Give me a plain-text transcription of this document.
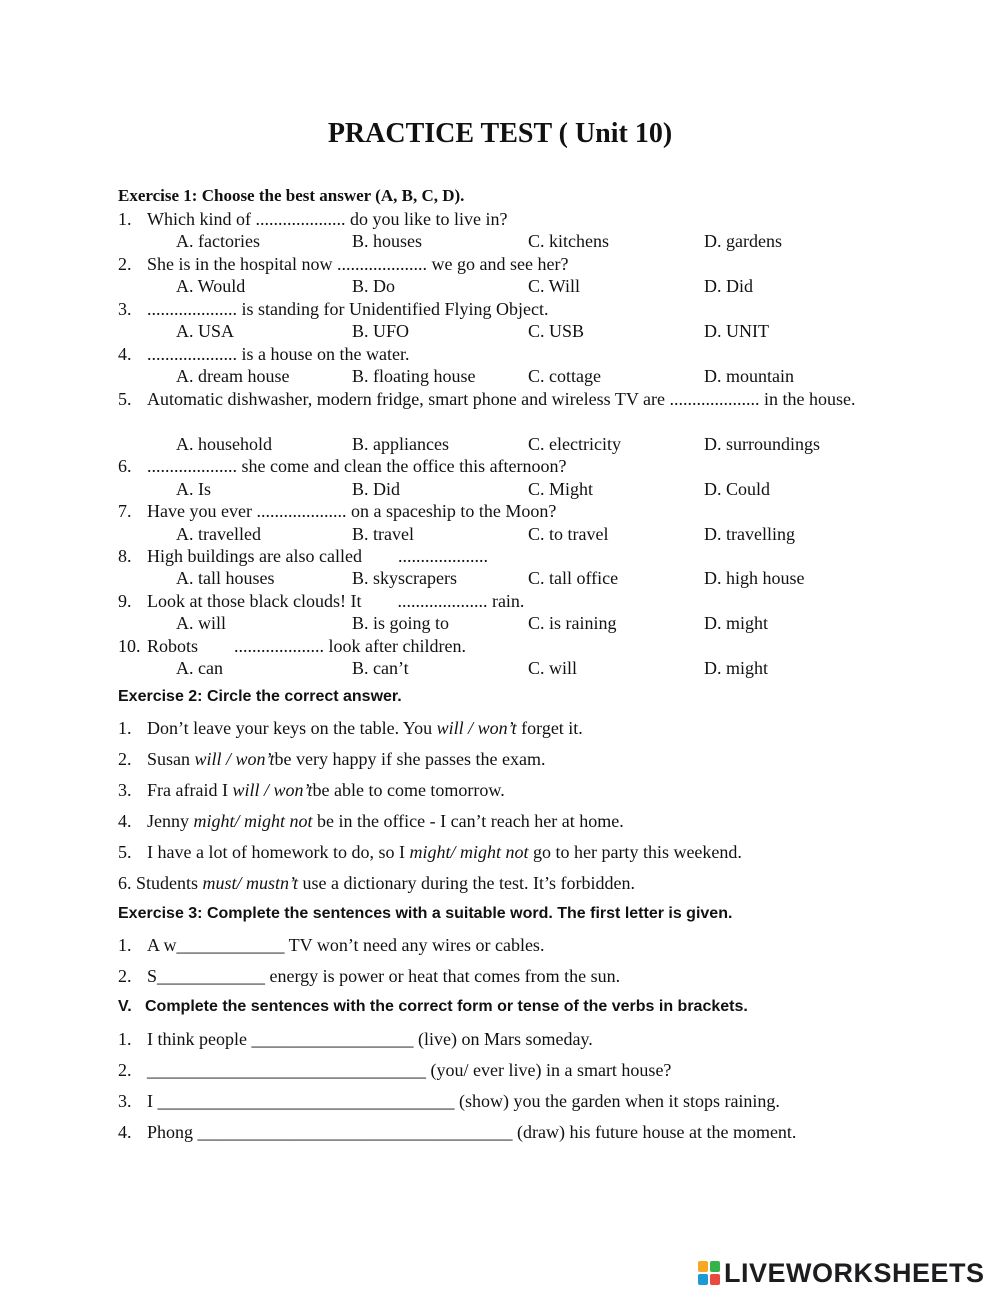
PRACTICE TEST ( Unit 10)
Exercise 1: Choose the best answer (A, B, C, D).
1. Which kind of .................... do you like to live in?
A. factories	B. houses	C. kitchens	D. gardens
2. She is in the hospital now .................... we go and see her?
A. Would	B. Do	C. Will	D. Did
3. .................... is standing for Unidentified Flying Object.
A. USA	B. UFO	C. USB	D. UNIT
4. .................... is a house on the water.
A. dream house	B. floating house	C. cottage	D. mountain
5. Automatic dishwasher, modern fridge, smart phone and wireless TV are .................... in the house.
A. household	B. appliances	C. electricity	D. surroundings
6. .................... she come and clean the office this afternoon?
A. Is	B. Did	C. Might	D. Could
7. Have you ever .................... on a spaceship to the Moon?
A. travelled	B. travel	C. to travel	D. travelling
8. High buildings are also called        ....................
A. tall houses	B. skyscrapers	C. tall office	D. high house
9. Look at those black clouds! It        .................... rain.
A. will	B. is going to	C. is raining	D. might
10. Robots        .................... look after children.
A. can	B. can’t	C. will	D. might
Exercise 2: Circle the correct answer.
1. Don’t leave your keys on the table. You will / won’t forget it.
2. Susan will / won’tbe very happy if she passes the exam.
3. Fra afraid I will / won’tbe able to come tomorrow.
4. Jenny might/ might not be in the office - I can’t reach her at home.
5. I have a lot of homework to do, so I might/ might not go to her party this weekend.
6. Students must/ mustn’t use a dictionary during the test. It’s forbidden.
Exercise 3: Complete the sentences with a suitable word. The first letter is given.
1. A w____________ TV won’t need any wires or cables.
2. S____________ energy is power or heat that comes from the sun.
V.   Complete the sentences with the correct form or tense of the verbs in brackets.
1. I think people __________________ (live) on Mars someday.
2. _______________________________ (you/ ever live) in a smart house?
3. I _________________________________ (show) you the garden when it stops raining.
4. Phong ___________________________________ (draw) his future house at the moment.
LIVEWORKSHEETS
